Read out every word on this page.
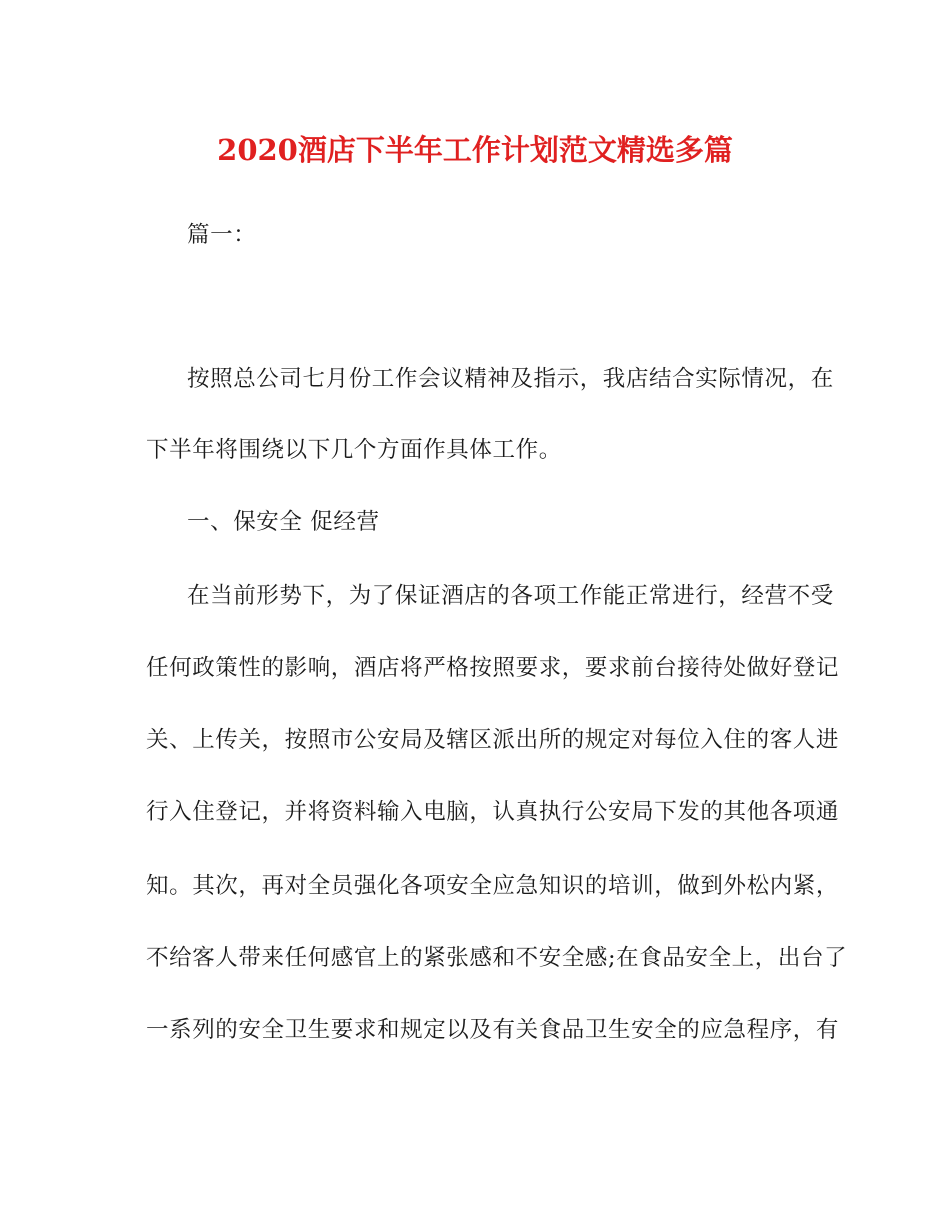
2020酒店下半年工作计划范文精选多篇
篇一：
按照总公司七月份工作会议精神及指示，我店结合实际情况，在
下半年将围绕以下几个方面作具体工作。
一、保安全 促经营
在当前形势下，为了保证酒店的各项工作能正常进行，经营不受
任何政策性的影响，酒店将严格按照要求，要求前台接待处做好登记
关、上传关，按照市公安局及辖区派出所的规定对每位入住的客人进
行入住登记，并将资料输入电脑，认真执行公安局下发的其他各项通
知。其次，再对全员强化各项安全应急知识的培训，做到外松内紧，
不给客人带来任何感官上的紧张感和不安全感;在食品安全上，出台了
一系列的安全卫生要求和规定以及有关食品卫生安全的应急程序，有
